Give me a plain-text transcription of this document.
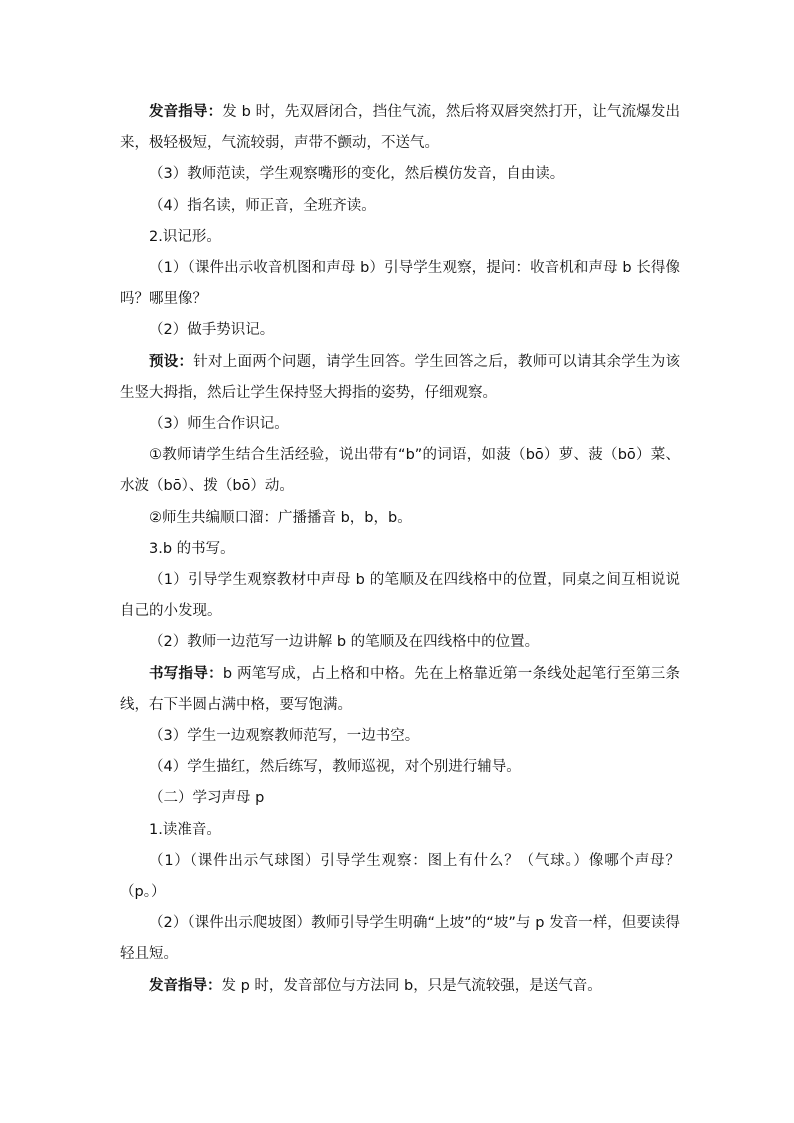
发音指导：发 b 时，先双唇闭合，挡住气流，然后将双唇突然打开，让气流爆发出来，极轻极短，气流较弱，声带不颤动，不送气。

（3）教师范读，学生观察嘴形的变化，然后模仿发音，自由读。

（4）指名读，师正音，全班齐读。

2.识记形。

（1）（课件出示收音机图和声母 b）引导学生观察，提问：收音机和声母 b 长得像吗？哪里像？

（2）做手势识记。

预设：针对上面两个问题，请学生回答。学生回答之后，教师可以请其余学生为该生竖大拇指，然后让学生保持竖大拇指的姿势，仔细观察。

（3）师生合作识记。

①教师请学生结合生活经验，说出带有“b”的词语，如菠（bō）萝、菠（bō）菜、水波（bō）、拨（bō）动。

②师生共编顺口溜：广播播音 b，b，b。

3.b 的书写。

（1）引导学生观察教材中声母 b 的笔顺及在四线格中的位置，同桌之间互相说说自己的小发现。

（2）教师一边范写一边讲解 b 的笔顺及在四线格中的位置。

书写指导：b 两笔写成，占上格和中格。先在上格靠近第一条线处起笔行至第三条线，右下半圆占满中格，要写饱满。

（3）学生一边观察教师范写，一边书空。

（4）学生描红，然后练写，教师巡视，对个别进行辅导。

（二）学习声母 p

1.读准音。

（1）（课件出示气球图）引导学生观察：图上有什么？（气球。）像哪个声母？（p。）

（2）（课件出示爬坡图）教师引导学生明确“上坡”的“坡”与 p 发音一样，但要读得轻且短。

发音指导：发 p 时，发音部位与方法同 b，只是气流较强，是送气音。
